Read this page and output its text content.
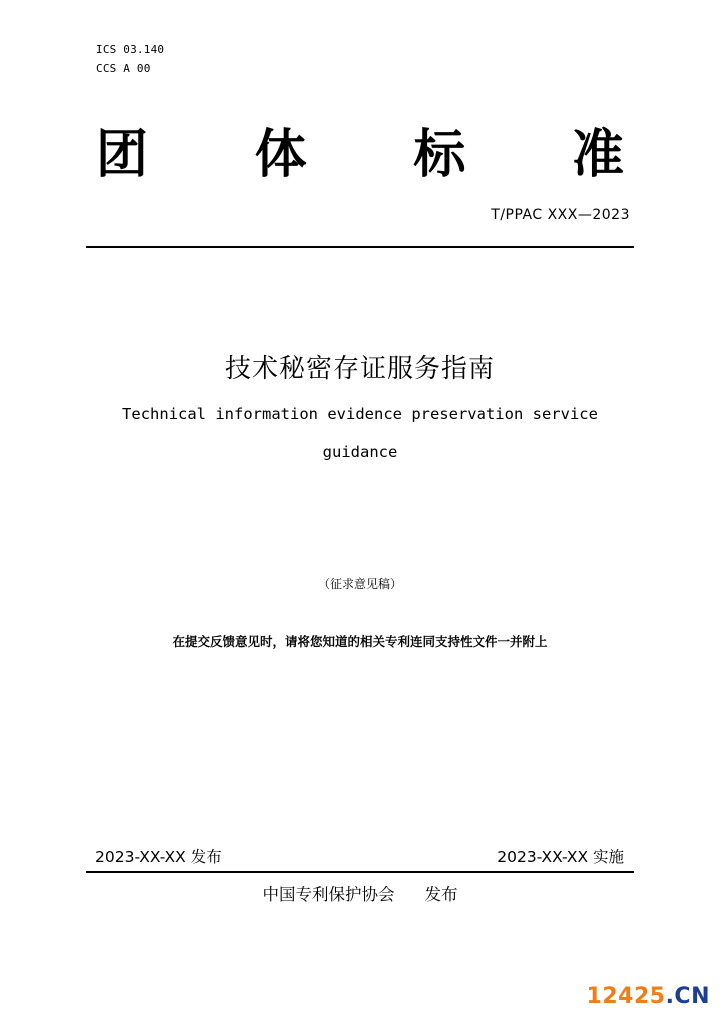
ICS 03.140
CCS A 00
团 体 标 准
T/PPAC XXX—2023
技术秘密存证服务指南
Technical information evidence preservation service
guidance
（征求意见稿）
在提交反馈意见时，请将您知道的相关专利连同支持性文件一并附上
2023-XX-XX 发布	2023-XX-XX 实施
中国专利保护协会 发布
12425.CN
